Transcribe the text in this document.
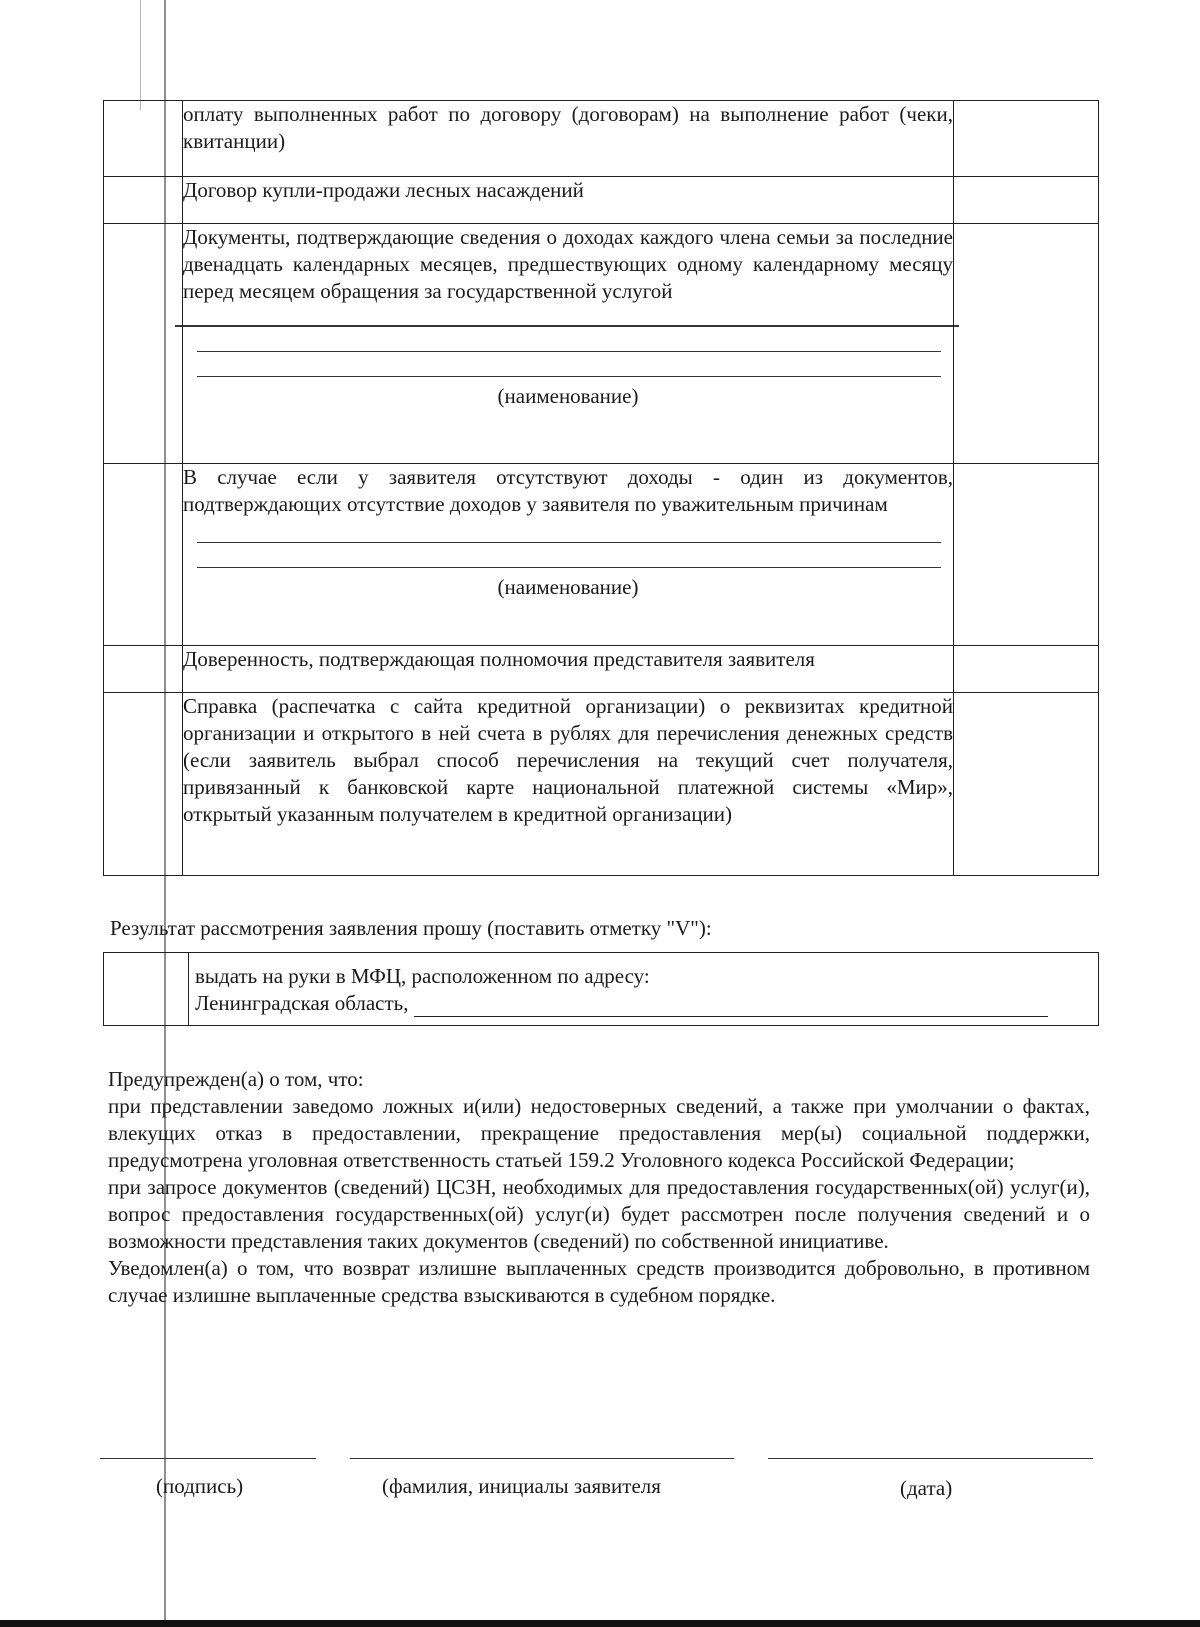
	оплату выполненных работ по договору (договорам) на выполнение работ (чеки, квитанции)	
	Договор купли-продажи лесных насаждений	

	Документы, подтверждающие сведения о доходах каждого члена семьи за последние двенадцать календарных месяцев, предшествующих одному календарному месяцу перед месяцем обращения за государственной услугой
(наименование)	

	В случае если у заявителя отсутствуют доходы - один из документов, подтверждающих отсутствие доходов у заявителя по уважительным причинам
(наименование)	

	Доверенность, подтверждающая полномочия представителя заявителя	
	Справка (распечатка с сайта кредитной организации) о реквизитах кредитной организации и открытого в ней счета в рублях для перечисления денежных средств (если заявитель выбрал способ перечисления на текущий счет получателя, привязанный к банковской карте национальной платежной системы «Мир», открытый указанным получателем в кредитной организации)	
Результат рассмотрения заявления прошу (поставить отметку "V"):

выдать на руки в МФЦ, расположенном по адресу:
Ленинградская область,

Предупрежден(а) о том, что:

при представлении заведомо ложных и(или) недостоверных сведений, а также при умолчании о фактах, влекущих отказ в предоставлении, прекращение предоставления мер(ы) социальной поддержки, предусмотрена уголовная ответственность статьей 159.2 Уголовного кодекса Российской Федерации;

при запросе документов (сведений) ЦСЗН, необходимых для предоставления государственных(ой) услуг(и), вопрос предоставления государственных(ой) услуг(и) будет рассмотрен после получения сведений и о возможности представления таких документов (сведений) по собственной инициативе.

Уведомлен(а) о том, что возврат излишне выплаченных средств производится добровольно, в противном случае излишне выплаченные средства взыскиваются в судебном порядке.

(подпись)	(фамилия, инициалы заявителя	(дата)
